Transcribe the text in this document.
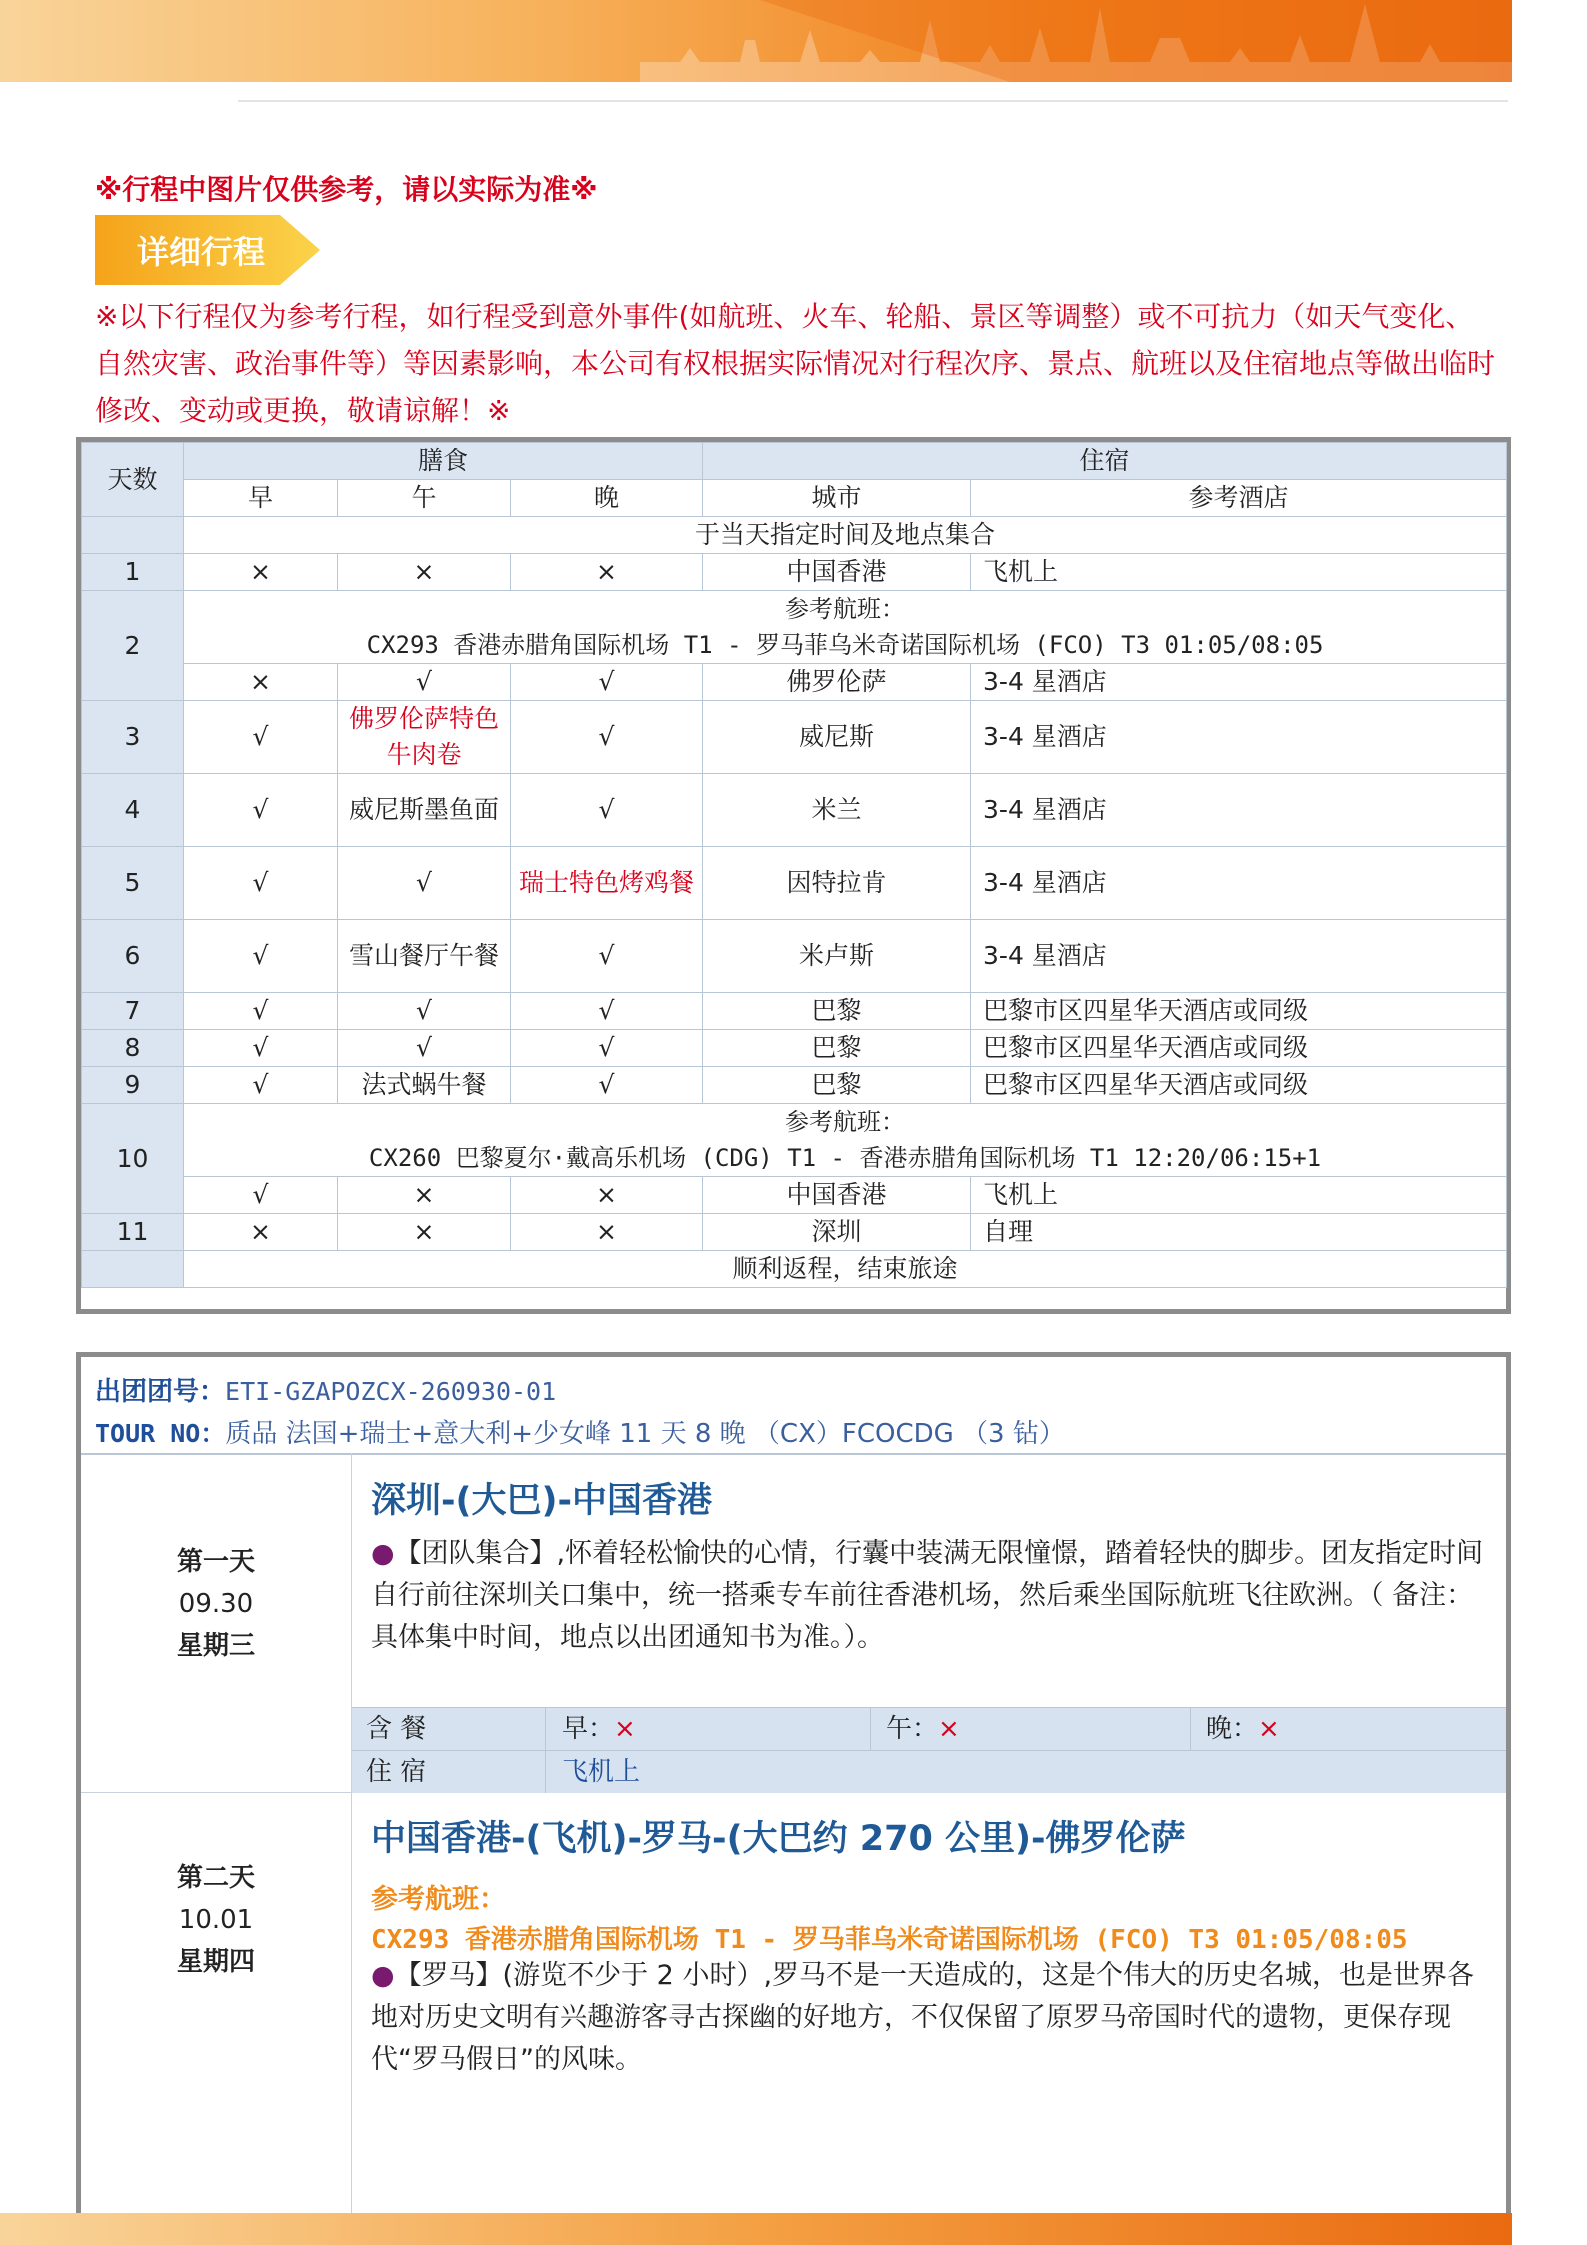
※行程中图片仅供参考，请以实际为准※
详细行程
※以下行程仅为参考行程，如行程受到意外事件(如航班、火车、轮船、景区等调整）或不可抗力（如天气变化、自然灾害、政治事件等）等因素影响，本公司有权根据实际情况对行程次序、景点、航班以及住宿地点等做出临时修改、变动或更换，敬请谅解！※
天数	膳食			住宿	
	早	午	晚	城市	参考酒店
	于当天指定时间及地点集合				
1	×	×	×	中国香港	飞机上
2	参考航班：
CX293 香港赤腊角国际机场 T1 - 罗马菲乌米奇诺国际机场 (FCO) T3 01:05/08:05				

	×	√	√	佛罗伦萨	3-4 星酒店
3	√	佛罗伦萨特色牛肉卷	√	威尼斯	3-4 星酒店
4	√	威尼斯墨鱼面	√	米兰	3-4 星酒店
5	√	√	瑞士特色烤鸡餐	因特拉肯	3-4 星酒店
6	√	雪山餐厅午餐	√	米卢斯	3-4 星酒店
7	√	√	√	巴黎	巴黎市区四星华天酒店或同级
8	√	√	√	巴黎	巴黎市区四星华天酒店或同级
9	√	法式蜗牛餐	√	巴黎	巴黎市区四星华天酒店或同级
10	参考航班：
CX260 巴黎夏尔·戴高乐机场 (CDG) T1 - 香港赤腊角国际机场 T1 12:20/06:15+1				

	√	×	×	中国香港	飞机上
11	×	×	×	深圳	自理
	顺利返程，结束旅途				
出团团号：ETI-GZAPOZCX-260930-01
TOUR NO：质品 法国+瑞士+意大利+少女峰 11 天 8 晚 （CX）FCOCDG （3 钻）
第一天
09.30
星期三
深圳-(大巴)-中国香港
●【团队集合】,怀着轻松愉快的心情，行囊中装满无限憧憬，踏着轻快的脚步。团友指定时间自行前往深圳关口集中，统一搭乘专车前往香港机场，然后乘坐国际航班飞往欧洲。（ 备注：具体集中时间，地点以出团通知书为准。）。
含 餐	早：×	午：×	晚：×
住 宿	飞机上
第二天
10.01
星期四
中国香港-(飞机)-罗马-(大巴约 270 公里)-佛罗伦萨
参考航班：
CX293 香港赤腊角国际机场 T1 - 罗马菲乌米奇诺国际机场 (FCO) T3 01:05/08:05
●【罗马】(游览不少于 2 小时）,罗马不是一天造成的，这是个伟大的历史名城，也是世界各地对历史文明有兴趣游客寻古探幽的好地方，不仅保留了原罗马帝国时代的遗物，更保存现代“罗马假日”的风味。
